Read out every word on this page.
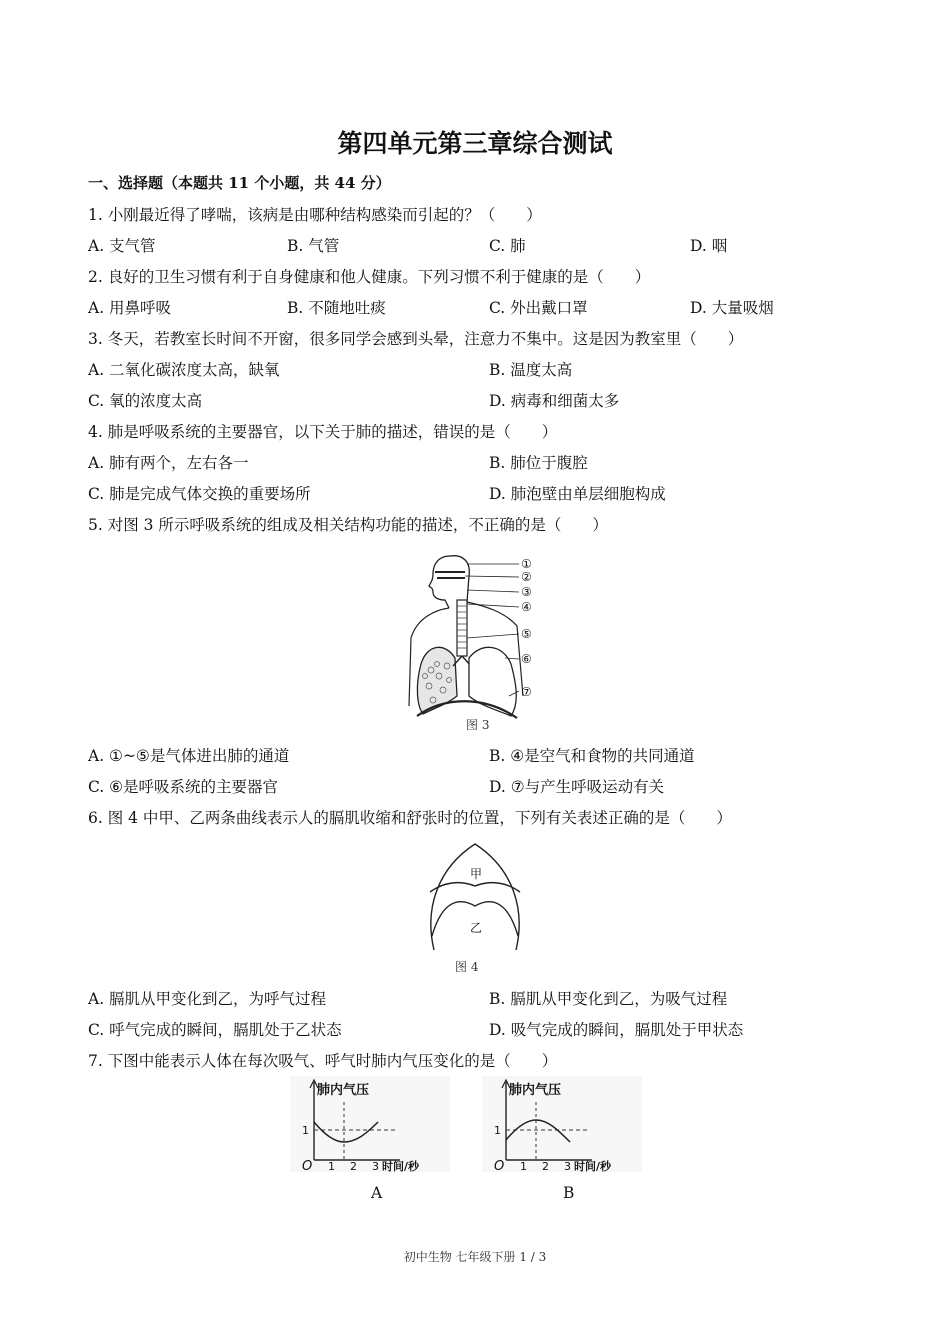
第四单元第三章综合测试
一、选择题（本题共 11 个小题，共 44 分）
1. 小刚最近得了哮喘，该病是由哪种结构感染而引起的？（　　）
A. 支气管	B. 气管	C. 肺	D. 咽
2. 良好的卫生习惯有利于自身健康和他人健康。下列习惯不利于健康的是（　　）
A. 用鼻呼吸	B. 不随地吐痰	C. 外出戴口罩	D. 大量吸烟
3. 冬天，若教室长时间不开窗，很多同学会感到头晕，注意力不集中。这是因为教室里（　　）
A. 二氧化碳浓度太高，缺氧	B. 温度太高
C. 氧的浓度太高	D. 病毒和细菌太多
4. 肺是呼吸系统的主要器官，以下关于肺的描述，错误的是（　　）
A. 肺有两个，左右各一	B. 肺位于腹腔
C. 肺是完成气体交换的重要场所	D. 肺泡壁由单层细胞构成
5. 对图 3 所示呼吸系统的组成及相关结构功能的描述，不正确的是（　　）
①
②
③
④
⑤
⑥
⑦
图 3
A. ①~⑤是气体进出肺的通道	B. ④是空气和食物的共同通道
C. ⑥是呼吸系统的主要器官	D. ⑦与产生呼吸运动有关
6. 图 4 中甲、乙两条曲线表示人的膈肌收缩和舒张时的位置，下列有关表述正确的是（　　）
甲
乙
图 4
A. 膈肌从甲变化到乙，为呼气过程	B. 膈肌从甲变化到乙，为吸气过程
C. 呼气完成的瞬间，膈肌处于乙状态	D. 吸气完成的瞬间，膈肌处于甲状态
7. 下图中能表示人体在每次吸气、呼气时肺内气压变化的是（　　）
肺内气压
1
O 1 2 3 时间/秒
A
肺内气压
1
O 1 2 3 时间/秒
B
初中生物 七年级下册 1 / 3
